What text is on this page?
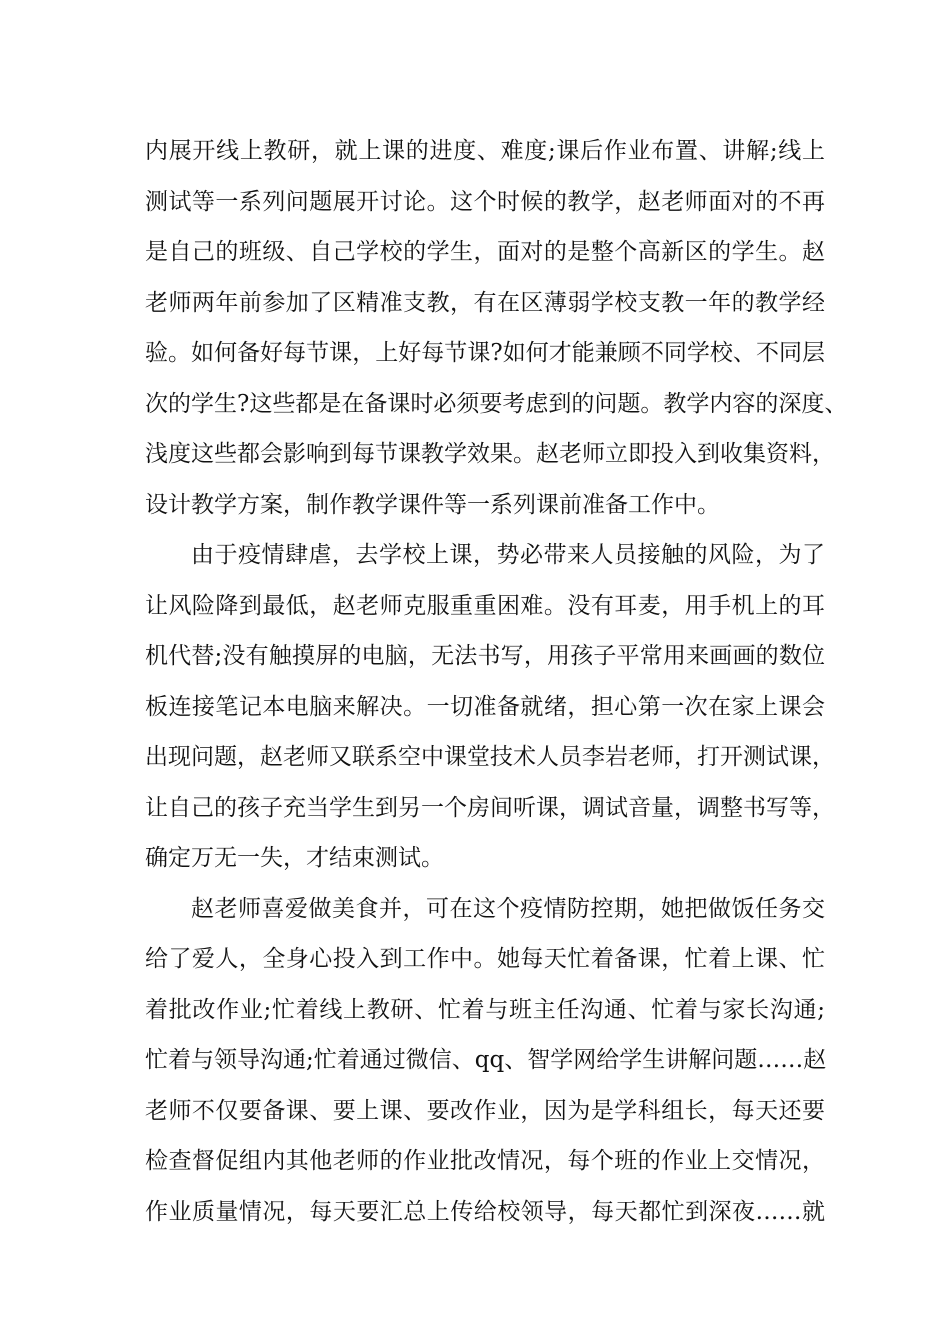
内展开线上教研，就上课的进度、难度;课后作业布置、讲解;线上
测试等一系列问题展开讨论。这个时候的教学，赵老师面对的不再
是自己的班级、自己学校的学生，面对的是整个高新区的学生。赵
老师两年前参加了区精准支教，有在区薄弱学校支教一年的教学经
验。如何备好每节课，上好每节课?如何才能兼顾不同学校、不同层
次的学生?这些都是在备课时必须要考虑到的问题。教学内容的深度、
浅度这些都会影响到每节课教学效果。赵老师立即投入到收集资料，
设计教学方案，制作教学课件等一系列课前准备工作中。
由于疫情肆虐，去学校上课，势必带来人员接触的风险，为了
让风险降到最低，赵老师克服重重困难。没有耳麦，用手机上的耳
机代替;没有触摸屏的电脑，无法书写，用孩子平常用来画画的数位
板连接笔记本电脑来解决。一切准备就绪，担心第一次在家上课会
出现问题，赵老师又联系空中课堂技术人员李岩老师，打开测试课，
让自己的孩子充当学生到另一个房间听课，调试音量，调整书写等，
确定万无一失，才结束测试。
赵老师喜爱做美食并，可在这个疫情防控期，她把做饭任务交
给了爱人，全身心投入到工作中。她每天忙着备课，忙着上课、忙
着批改作业;忙着线上教研、忙着与班主任沟通、忙着与家长沟通;
忙着与领导沟通;忙着通过微信、qq、智学网给学生讲解问题……赵
老师不仅要备课、要上课、要改作业，因为是学科组长，每天还要
检查督促组内其他老师的作业批改情况，每个班的作业上交情况，
作业质量情况，每天要汇总上传给校领导，每天都忙到深夜……就
